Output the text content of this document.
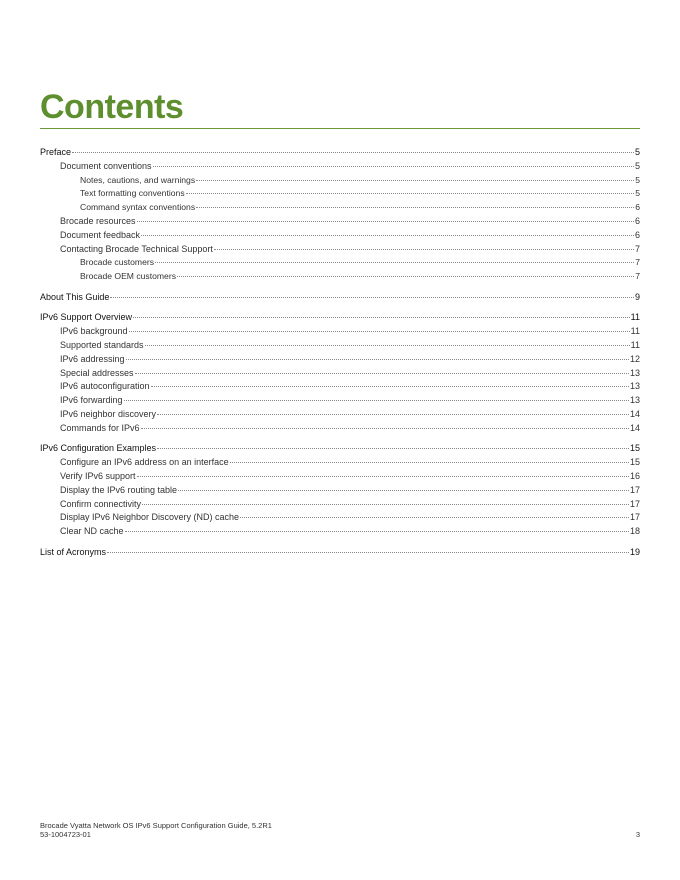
Contents
Preface	5
Document conventions	5
Notes, cautions, and warnings	5
Text formatting conventions	5
Command syntax conventions	6
Brocade resources	6
Document feedback	6
Contacting Brocade Technical Support	7
Brocade customers	7
Brocade OEM customers	7
About This Guide	9
IPv6 Support Overview	11
IPv6 background	11
Supported standards	11
IPv6 addressing	12
Special addresses	13
IPv6 autoconfiguration	13
IPv6 forwarding	13
IPv6 neighbor discovery	14
Commands for IPv6	14
IPv6 Configuration Examples	15
Configure an IPv6 address on an interface	15
Verify IPv6 support	16
Display the IPv6 routing table	17
Confirm connectivity	17
Display IPv6 Neighbor Discovery (ND) cache	17
Clear ND cache	18
List of Acronyms	19
Brocade Vyatta Network OS IPv6 Support Configuration Guide, 5.2R1
53-1004723-01	3
